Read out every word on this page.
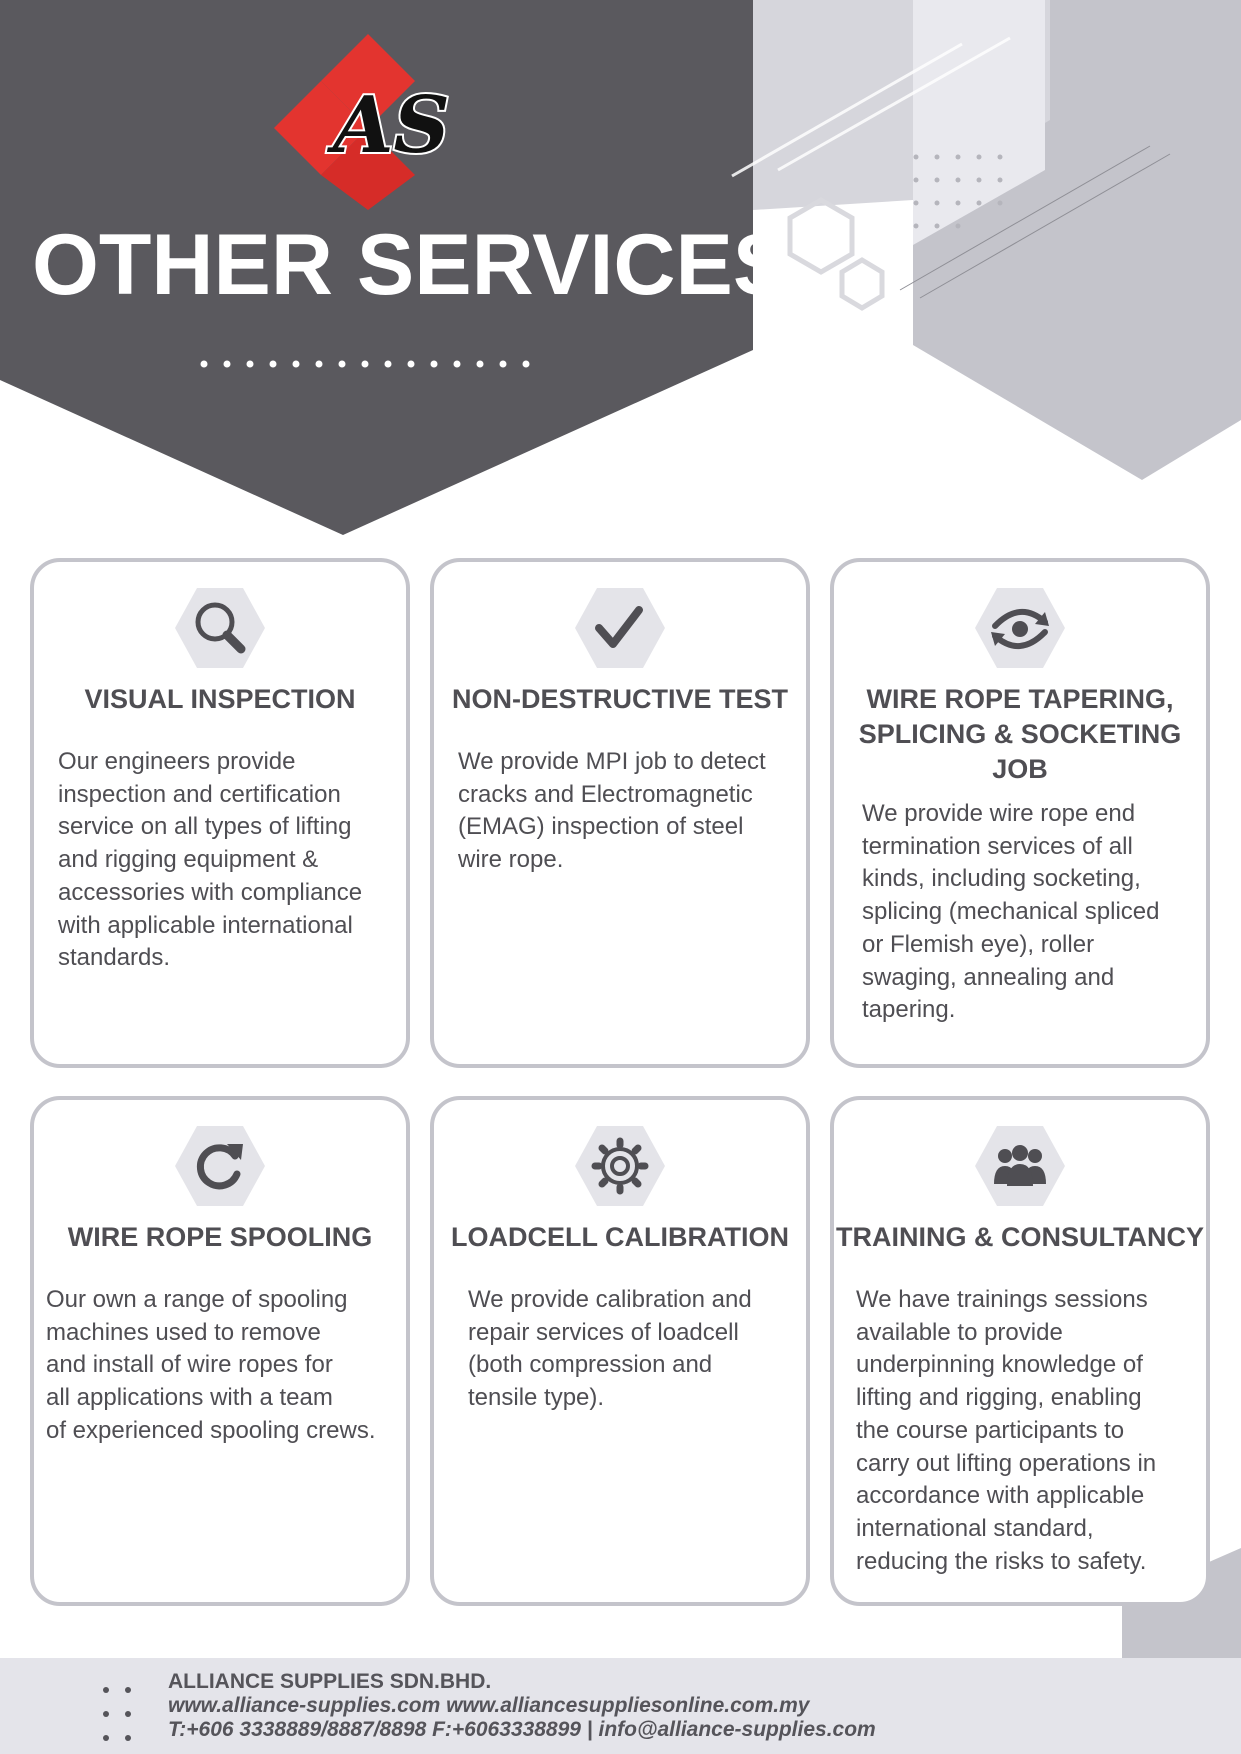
AS
OTHER SERVICES
VISUAL INSPECTION

Our engineers provide
inspection and certification
service on all types of lifting
and rigging equipment &
accessories with compliance
with applicable international
standards.

NON-DESTRUCTIVE TEST

We provide MPI job to detect
cracks and Electromagnetic
(EMAG) inspection of steel
wire rope.

WIRE ROPE TAPERING,
SPLICING & SOCKETING
JOB

We provide wire rope end
termination services of all
kinds, including socketing,
splicing (mechanical spliced
or Flemish eye), roller
swaging, annealing and
tapering.

WIRE ROPE SPOOLING

Our own a range of spooling
machines used to remove
and install of wire ropes for
all applications with a team
of experienced spooling crews.

LOADCELL CALIBRATION

We provide calibration and
repair services of loadcell
(both compression and
tensile type).

TRAINING & CONSULTANCY

We have trainings sessions
available to provide
underpinning knowledge of
lifting and rigging, enabling
the course participants to
carry out lifting operations in
accordance with applicable
international standard,
reducing the risks to safety.

ALLIANCE SUPPLIES SDN.BHD.

www.alliance-supplies.com www.alliancesuppliesonline.com.my

T:+606 3338889/8887/8898 F:+6063338899 | info@alliance-supplies.com
